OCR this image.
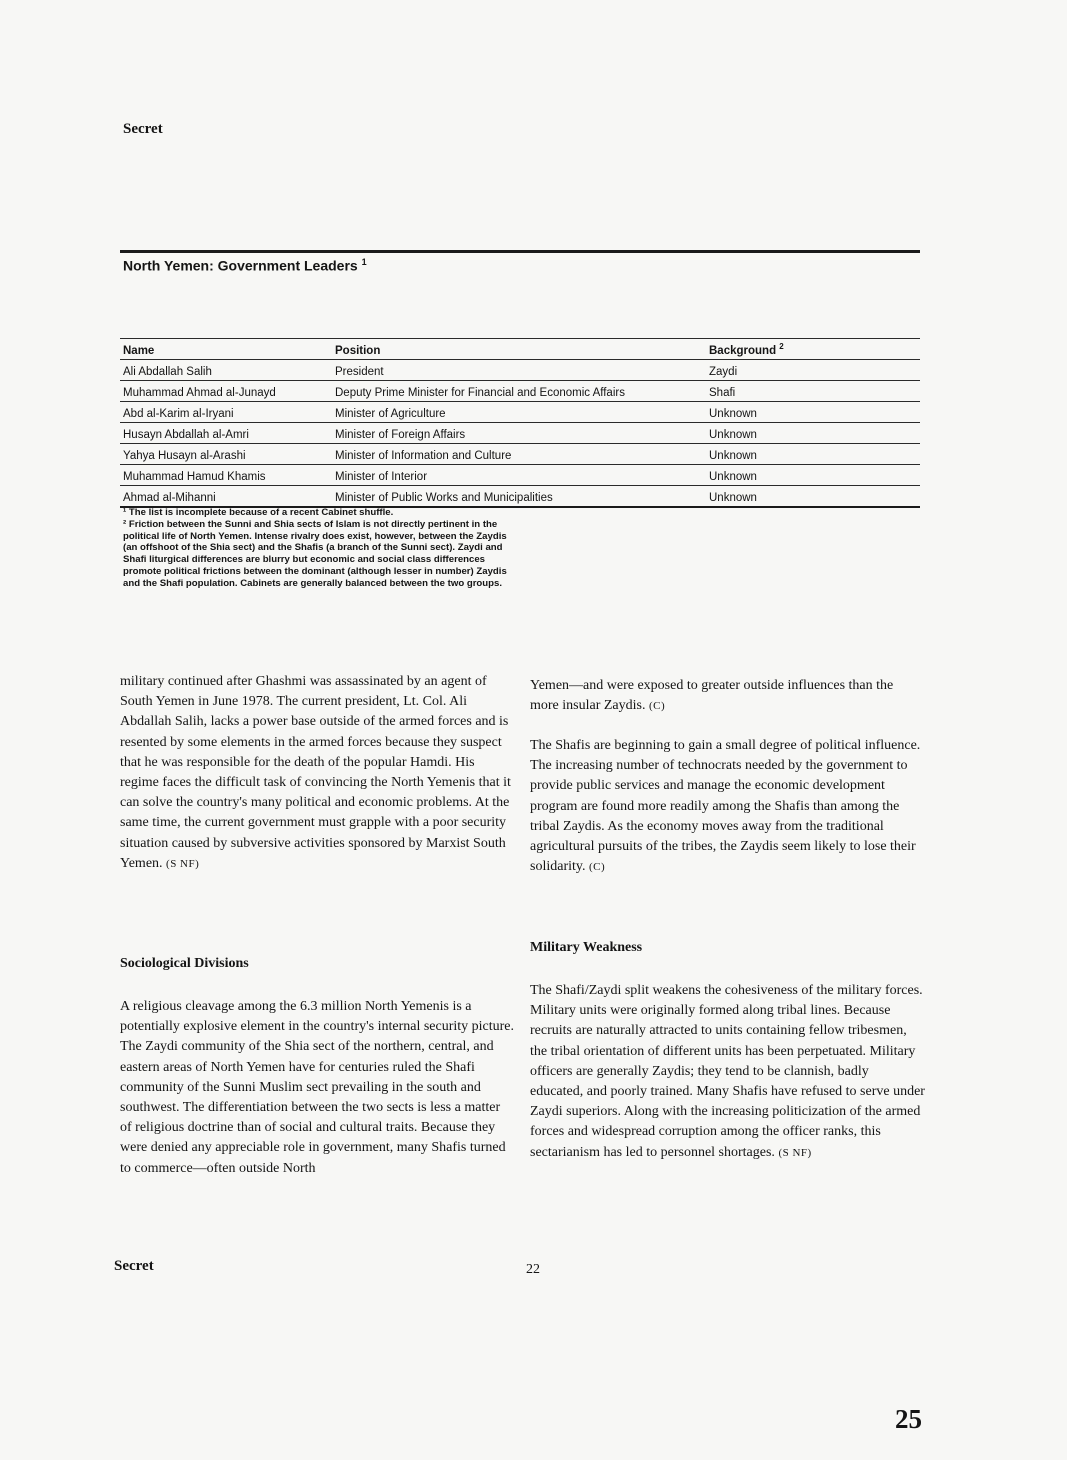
Secret
North Yemen: Government Leaders $^1$
Name	Position	Background $^2$
Ali Abdallah Salih	President	Zaydi
Muhammad Ahmad al-Junayd	Deputy Prime Minister for Financial and Economic Affairs	Shafi
Abd al-Karim al-Iryani	Minister of Agriculture	Unknown
Husayn Abdallah al-Amri	Minister of Foreign Affairs	Unknown
Yahya Husayn al-Arashi	Minister of Information and Culture	Unknown
Muhammad Hamud Khamis	Minister of Interior	Unknown
Ahmad al-Mihanni	Minister of Public Works and Municipalities	Unknown

¹ The list is incomplete because of a recent Cabinet shuffle.

² Friction between the Sunni and Shia sects of Islam is not directly pertinent in the political life of North Yemen. Intense rivalry does exist, however, between the Zaydis (an offshoot of the Shia sect) and the Shafis (a branch of the Sunni sect). Zaydi and Shafi liturgical differences are blurry but economic and social class differences promote political frictions between the dominant (although lesser in number) Zaydis and the Shafi population. Cabinets are generally balanced between the two groups.

military continued after Ghashmi was assassinated by an agent of South Yemen in June 1978. The current president, Lt. Col. Ali Abdallah Salih, lacks a power base outside of the armed forces and is resented by some elements in the armed forces because they suspect that he was responsible for the death of the popular Hamdi. His regime faces the difficult task of convincing the North Yemenis that it can solve the country's many political and economic problems. At the same time, the current government must grapple with a poor security situation caused by subversive activities sponsored by Marxist South Yemen. (S NF)

Sociological Divisions

A religious cleavage among the 6.3 million North Yemenis is a potentially explosive element in the country's internal security picture. The Zaydi community of the Shia sect of the northern, central, and eastern areas of North Yemen have for centuries ruled the Shafi community of the Sunni Muslim sect prevailing in the south and southwest. The differentiation between the two sects is less a matter of religious doctrine than of social and cultural traits. Because they were denied any appreciable role in government, many Shafis turned to commerce—often outside North

Yemen—and were exposed to greater outside influences than the more insular Zaydis. (C)

The Shafis are beginning to gain a small degree of political influence. The increasing number of technocrats needed by the government to provide public services and manage the economic development program are found more readily among the Shafis than among the tribal Zaydis. As the economy moves away from the traditional agricultural pursuits of the tribes, the Zaydis seem likely to lose their solidarity. (C)

Military Weakness

The Shafi/Zaydi split weakens the cohesiveness of the military forces. Military units were originally formed along tribal lines. Because recruits are naturally attracted to units containing fellow tribesmen, the tribal orientation of different units has been perpetuated. Military officers are generally Zaydis; they tend to be clannish, badly educated, and poorly trained. Many Shafis have refused to serve under Zaydi superiors. Along with the increasing politicization of the armed forces and widespread corruption among the officer ranks, this sectarianism has led to personnel shortages. (S NF)

Secret	22
25
